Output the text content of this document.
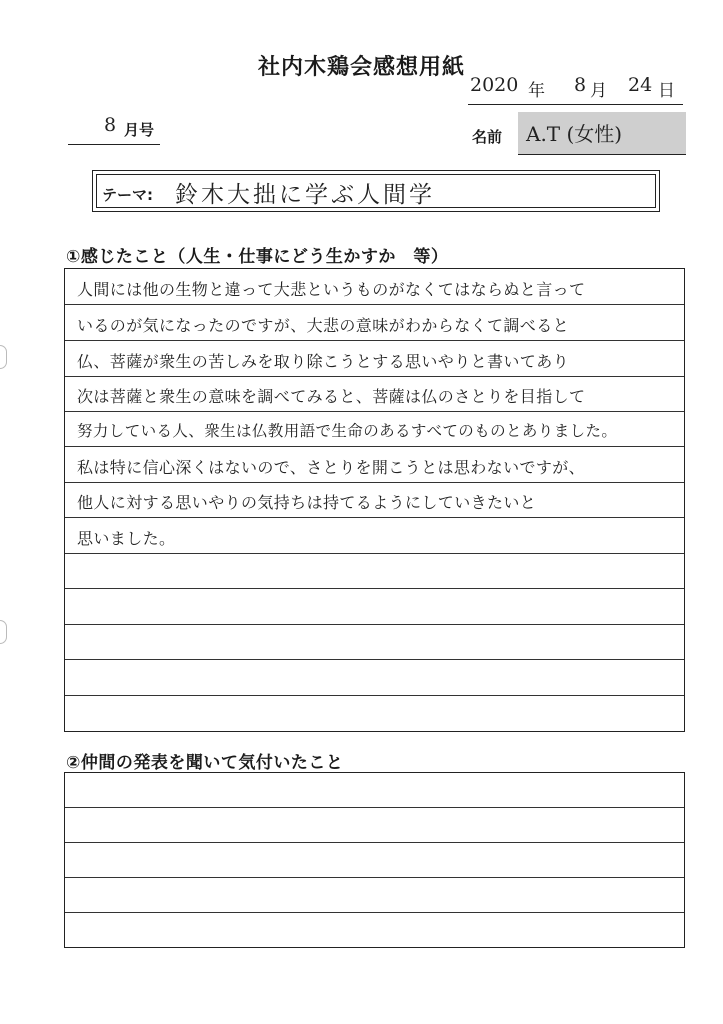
社内木鶏会感想用紙
2020 年 8 月 24 日
8 月号	名前 A.T (女性)
テーマ: 鈴木大拙に学ぶ人間学
①感じたこと（人生・仕事にどう生かすか　等）
人間には他の生物と違って大悲というものがなくてはならぬと言って
いるのが気になったのですが、大悲の意味がわからなくて調べると
仏、菩薩が衆生の苦しみを取り除こうとする思いやりと書いてあり
次は菩薩と衆生の意味を調べてみると、菩薩は仏のさとりを目指して
努力している人、衆生は仏教用語で生命のあるすべてのものとありました。
私は特に信心深くはないので、さとりを開こうとは思わないですが、
他人に対する思いやりの気持ちは持てるようにしていきたいと
思いました。
②仲間の発表を聞いて気付いたこと
